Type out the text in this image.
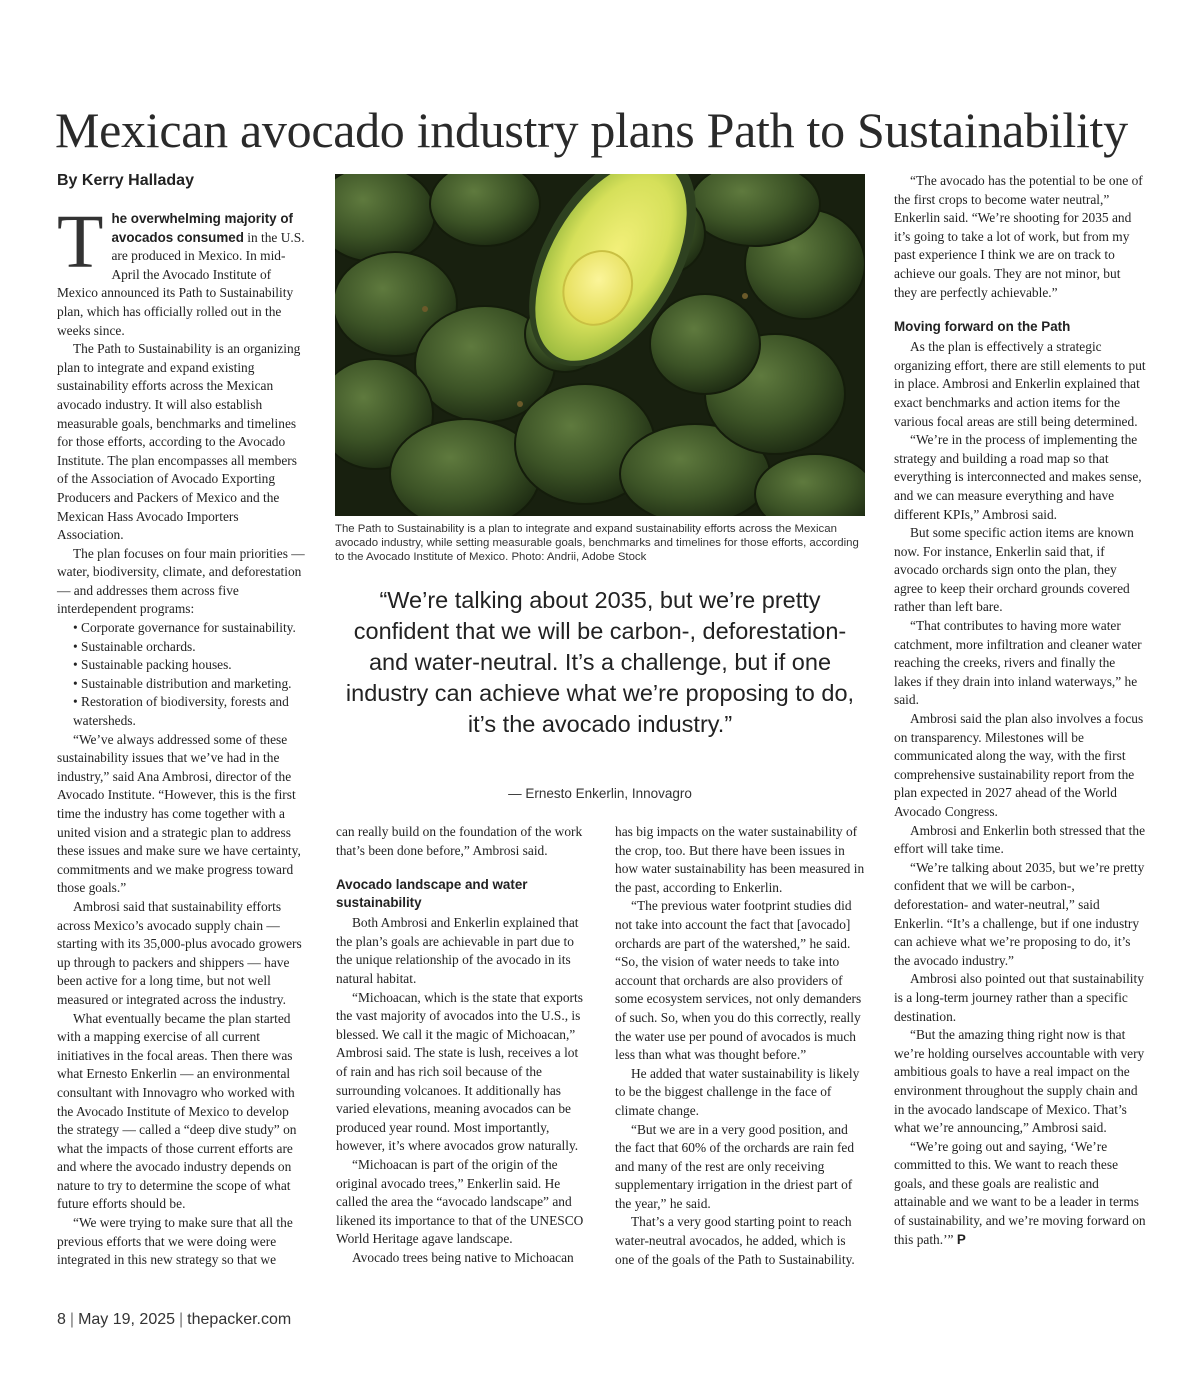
Mexican avocado industry plans Path to Sustainability
By Kerry Halladay

The overwhelming majority of avocados consumed in the U.S. are produced in Mexico. In mid-April the Avocado Institute of Mexico announced its Path to Sustainability plan, which has officially rolled out in the weeks since.

The Path to Sustainability is an organizing plan to integrate and expand existing sustainability efforts across the Mexican avocado industry. It will also establish measurable goals, benchmarks and timelines for those efforts, according to the Avocado Institute. The plan encompasses all members of the Association of Avocado Exporting Producers and Packers of Mexico and the Mexican Hass Avocado Importers Association.

The plan focuses on four main priorities — water, biodiversity, climate, and deforestation — and addresses them across five interdependent programs:

• Corporate governance for sustainability.
• Sustainable orchards.
• Sustainable packing houses.
• Sustainable distribution and marketing.
• Restoration of biodiversity, forests and watersheds.

“We’ve always addressed some of these sustainability issues that we’ve had in the industry,” said Ana Ambrosi, director of the Avocado Institute. “However, this is the first time the industry has come together with a united vision and a strategic plan to address these issues and make sure we have certainty, commitments and we make progress toward those goals.”

Ambrosi said that sustainability efforts across Mexico’s avocado supply chain — starting with its 35,000-plus avocado growers up through to packers and shippers — have been active for a long time, but not well measured or integrated across the industry.

What eventually became the plan started with a mapping exercise of all current initiatives in the focal areas. Then there was what Ernesto Enkerlin — an environmental consultant with Innovagro who worked with the Avocado Institute of Mexico to develop the strategy — called a “deep dive study” on what the impacts of those current efforts are and where the avocado industry depends on nature to try to determine the scope of what future efforts should be.

“We were trying to make sure that all the previous efforts that we were doing were integrated in this new strategy so that we

The Path to Sustainability is a plan to integrate and expand sustainability efforts across the Mexican avocado industry, while setting measurable goals, benchmarks and timelines for those efforts, according to the Avocado Institute of Mexico. Photo: Andrii, Adobe Stock
“We’re talking about 2035, but we’re pretty confident that we will be carbon-, deforestation- and water-neutral. It’s a challenge, but if one industry can achieve what we’re proposing to do, it’s the avocado industry.”
— Ernesto Enkerlin, Innovagro

can really build on the foundation of the work that’s been done before,” Ambrosi said.

Avocado landscape and water sustainability

Both Ambrosi and Enkerlin explained that the plan’s goals are achievable in part due to the unique relationship of the avocado in its natural habitat.

“Michoacan, which is the state that exports the vast majority of avocados into the U.S., is blessed. We call it the magic of Michoacan,” Ambrosi said. The state is lush, receives a lot of rain and has rich soil because of the surrounding volcanoes. It additionally has varied elevations, meaning avocados can be produced year round. Most importantly, however, it’s where avocados grow naturally.

“Michoacan is part of the origin of the original avocado trees,” Enkerlin said. He called the area the “avocado landscape” and likened its importance to that of the UNESCO World Heritage agave landscape.

Avocado trees being native to Michoacan

has big impacts on the water sustainability of the crop, too. But there have been issues in how water sustainability has been measured in the past, according to Enkerlin.

“The previous water footprint studies did not take into account the fact that [avocado] orchards are part of the watershed,” he said. “So, the vision of water needs to take into account that orchards are also providers of some ecosystem services, not only demanders of such. So, when you do this correctly, really the water use per pound of avocados is much less than what was thought before.”

He added that water sustainability is likely to be the biggest challenge in the face of climate change.

“But we are in a very good position, and the fact that 60% of the orchards are rain fed and many of the rest are only receiving supplementary irrigation in the driest part of the year,” he said.

That’s a very good starting point to reach water-neutral avocados, he added, which is one of the goals of the Path to Sustainability.

“The avocado has the potential to be one of the first crops to become water neutral,” Enkerlin said. “We’re shooting for 2035 and it’s going to take a lot of work, but from my past experience I think we are on track to achieve our goals. They are not minor, but they are perfectly achievable.”

Moving forward on the Path

As the plan is effectively a strategic organizing effort, there are still elements to put in place. Ambrosi and Enkerlin explained that exact benchmarks and action items for the various focal areas are still being determined.

“We’re in the process of implementing the strategy and building a road map so that everything is interconnected and makes sense, and we can measure everything and have different KPIs,” Ambrosi said.

But some specific action items are known now. For instance, Enkerlin said that, if avocado orchards sign onto the plan, they agree to keep their orchard grounds covered rather than left bare.

“That contributes to having more water catchment, more infiltration and cleaner water reaching the creeks, rivers and finally the lakes if they drain into inland waterways,” he said.

Ambrosi said the plan also involves a focus on transparency. Milestones will be communicated along the way, with the first comprehensive sustainability report from the plan expected in 2027 ahead of the World Avocado Congress.

Ambrosi and Enkerlin both stressed that the effort will take time.

“We’re talking about 2035, but we’re pretty confident that we will be carbon-, deforestation- and water-neutral,” said Enkerlin. “It’s a challenge, but if one industry can achieve what we’re proposing to do, it’s the avocado industry.”

Ambrosi also pointed out that sustainability is a long-term journey rather than a specific destination.

“But the amazing thing right now is that we’re holding ourselves accountable with very ambitious goals to have a real impact on the environment throughout the supply chain and in the avocado landscape of Mexico. That’s what we’re announcing,” Ambrosi said.

“We’re going out and saying, ‘We’re committed to this. We want to reach these goals, and these goals are realistic and attainable and we want to be a leader in terms of sustainability, and we’re moving forward on this path.’” P

8 | May 19, 2025 | thepacker.com
